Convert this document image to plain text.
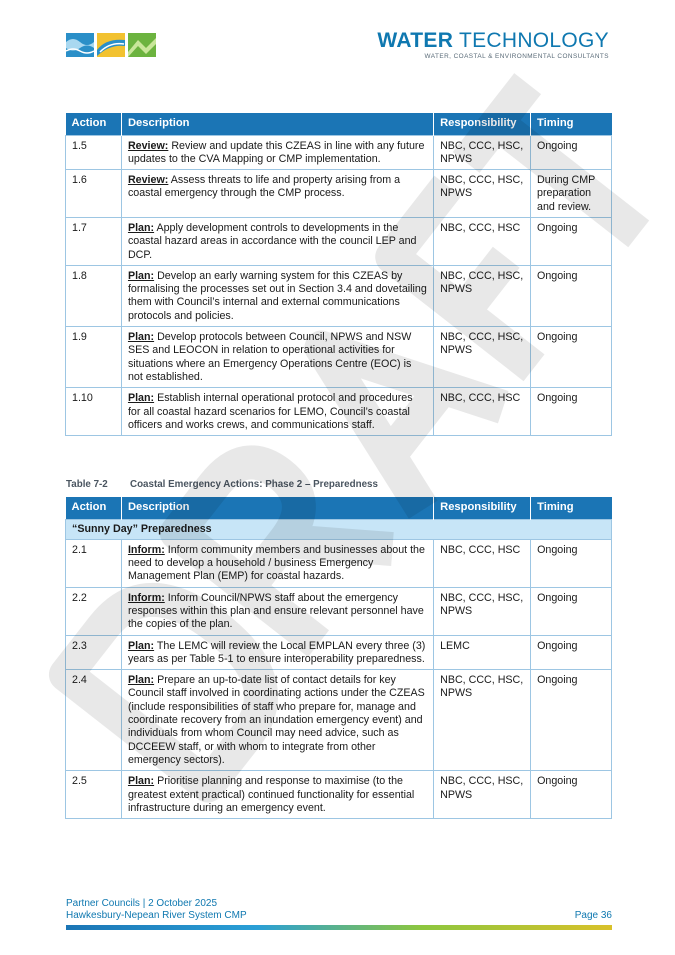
WATER TECHNOLOGY
WATER, COASTAL & ENVIRONMENTAL CONSULTANTS
Action	Description	Responsibility	Timing
1.5	Review: Review and update this CZEAS in line with any future updates to the CVA Mapping or CMP implementation.	NBC, CCC, HSC, NPWS	Ongoing
1.6	Review: Assess threats to life and property arising from a coastal emergency through the CMP process.	NBC, CCC, HSC, NPWS	During CMP preparation and review.
1.7	Plan: Apply development controls to developments in the coastal hazard areas in accordance with the council LEP and DCP.	NBC, CCC, HSC	Ongoing
1.8	Plan: Develop an early warning system for this CZEAS by formalising the processes set out in Section 3.4 and dovetailing them with Council’s internal and external communications protocols and policies.	NBC, CCC, HSC, NPWS	Ongoing
1.9	Plan: Develop protocols between Council, NPWS and NSW SES and LEOCON in relation to operational activities for situations where an Emergency Operations Centre (EOC) is not established.	NBC, CCC, HSC, NPWS	Ongoing
1.10	Plan: Establish internal operational protocol and procedures for all coastal hazard scenarios for LEMO, Council’s coastal officers and works crews, and communications staff.	NBC, CCC, HSC	Ongoing
Table 7-2 Coastal Emergency Actions: Phase 2 – Preparedness
Action	Description	Responsibility	Timing
“Sunny Day” Preparedness			
2.1	Inform: Inform community members and businesses about the need to develop a household / business Emergency Management Plan (EMP) for coastal hazards.	NBC, CCC, HSC	Ongoing
2.2	Inform: Inform Council/NPWS staff about the emergency responses within this plan and ensure relevant personnel have the copies of the plan.	NBC, CCC, HSC, NPWS	Ongoing
2.3	Plan: The LEMC will review the Local EMPLAN every three (3) years as per Table 5-1 to ensure interoperability preparedness.	LEMC	Ongoing
2.4	Plan: Prepare an up-to-date list of contact details for key Council staff involved in coordinating actions under the CZEAS (include responsibilities of staff who prepare for, manage and coordinate recovery from an inundation emergency event) and individuals from whom Council may need advice, such as DCCEEW staff, or with whom to integrate from other emergency sectors).	NBC, CCC, HSC, NPWS	Ongoing
2.5	Plan: Prioritise planning and response to maximise (to the greatest extent practical) continued functionality for essential infrastructure during an emergency event.	NBC, CCC, HSC, NPWS	Ongoing
Partner Councils | 2 October 2025
Hawkesbury-Nepean River System CMP	Page 36
